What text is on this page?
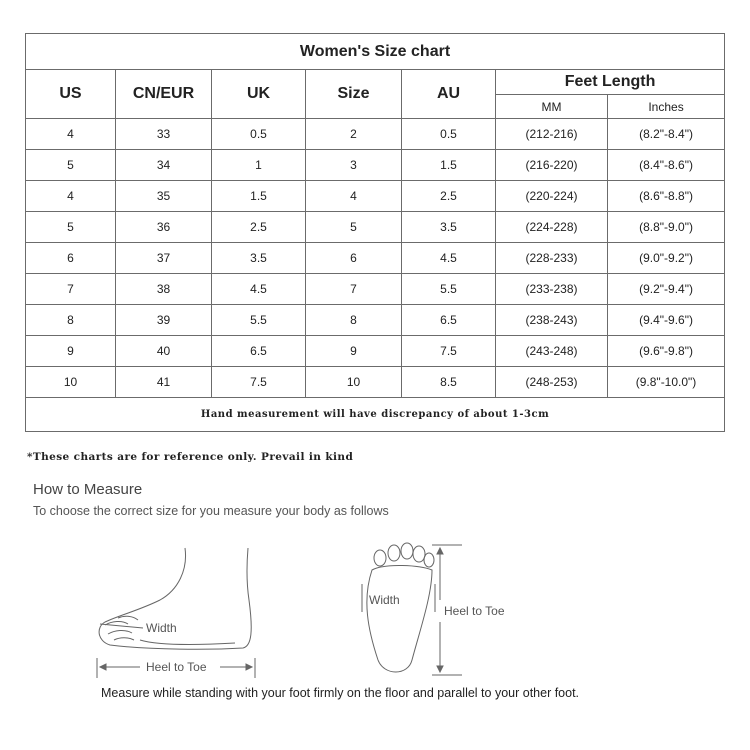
Women's Size chart						
US	CN/EUR	UK	Size	AU	Feet Length	
					MM	Inches
4	33	0.5	2	0.5	(212-216)	(8.2"-8.4")
5	34	1	3	1.5	(216-220)	(8.4"-8.6")
4	35	1.5	4	2.5	(220-224)	(8.6"-8.8")
5	36	2.5	5	3.5	(224-228)	(8.8"-9.0")
6	37	3.5	6	4.5	(228-233)	(9.0"-9.2")
7	38	4.5	7	5.5	(233-238)	(9.2"-9.4")
8	39	5.5	8	6.5	(238-243)	(9.4"-9.6")
9	40	6.5	9	7.5	(243-248)	(9.6"-9.8")
10	41	7.5	10	8.5	(248-253)	(9.8"-10.0")
Hand measurement will have discrepancy of about 1-3cm						

*These charts are for reference only. Prevail in kind

How to Measure

To choose the correct size for you measure your body as follows

Width
Heel to Toe
Width
Heel to Toe

Measure while standing with your foot firmly on the floor and parallel to your other foot.
